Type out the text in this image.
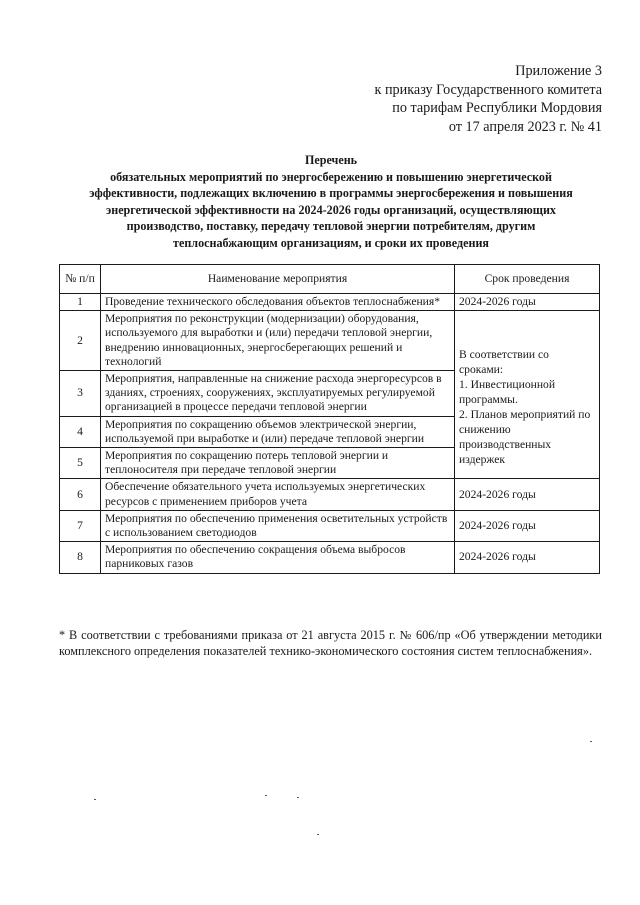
Приложение 3
к приказу Государственного комитета
по тарифам Республики Мордовия
от 17 апреля 2023 г. № 41
Перечень
обязательных мероприятий по энергосбережению и повышению энергетической
эффективности, подлежащих включению в программы энергосбережения и повышения
энергетической эффективности на 2024-2026 годы организаций, осуществляющих
производство, поставку, передачу тепловой энергии потребителям, другим
теплоснабжающим организациям, и сроки их проведения
№ п/п	Наименование мероприятия	Срок проведения
1	Проведение технического обследования объектов теплоснабжения*	2024-2026 годы
2	Мероприятия по реконструкции (модернизации) оборудования, используемого для выработки и (или) передачи тепловой энергии, внедрению инновационных, энергосберегающих решений и технологий	В соответствии со сроками:
1. Инвестиционной программы.
2. Планов мероприятий по снижению производственных издержек

3	Мероприятия, направленные на снижение расхода энергоресурсов в зданиях, строениях, сооружениях, эксплуатируемых регулируемой организацией в процессе передачи тепловой энергии	
4	Мероприятия по сокращению объемов электрической энергии, используемой при выработке и (или) передаче тепловой энергии	
5	Мероприятия по сокращению потерь тепловой энергии и теплоносителя при передаче тепловой энергии	
6	Обеспечение обязательного учета используемых энергетических ресурсов с применением приборов учета	2024-2026 годы
7	Мероприятия по обеспечению применения осветительных устройств с использованием светодиодов	2024-2026 годы
8	Мероприятия по обеспечению сокращения объема выбросов парниковых газов	2024-2026 годы
* В соответствии с требованиями приказа от 21 августа 2015 г. № 606/пр «Об утверждении методики комплексного определения показателей технико-экономического состояния систем теплоснабжения».
